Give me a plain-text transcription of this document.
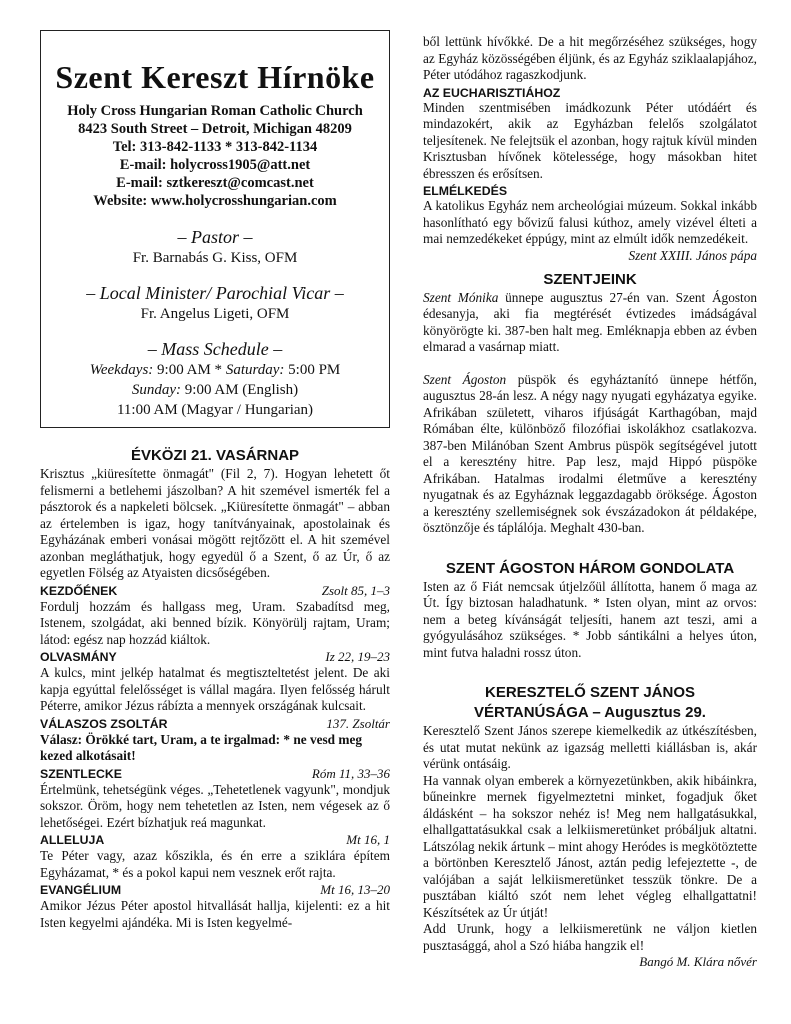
Szent Kereszt Hírnöke
Holy Cross Hungarian Roman Catholic Church
8423 South Street – Detroit, Michigan 48209
Tel: 313-842-1133 * 313-842-1134
E-mail: holycross1905@att.net
E-mail: sztkereszt@comcast.net
Website: www.holycrosshungarian.com
– Pastor –
Fr. Barnabás G. Kiss, OFM
– Local Minister/ Parochial Vicar –
Fr. Angelus Ligeti, OFM
– Mass Schedule –
Weekdays: 9:00 AM * Saturday: 5:00 PM
Sunday: 9:00 AM (English)
11:00 AM (Magyar / Hungarian)
ÉVKÖZI 21. VASÁRNAP

Krisztus „kiüresítette önmagát" (Fil 2, 7). Hogyan lehetett őt felismerni a betlehemi jászolban? A hit szemével ismerték fel a pásztorok és a napkeleti bölcsek. „Kiüresítette önmagát" – abban az értelemben is igaz, hogy tanítványainak, apostolainak és Egyházának emberi vonásai mögött rejtőzött el. A hit szemével azonban megláthatjuk, hogy egyedül ő a Szent, ő az Úr, ő az egyetlen Fölség az Atyaisten dicsőségében.

KEZDŐÉNEK	Zsolt 85, 1–3

Fordulj hozzám és hallgass meg, Uram. Szabadítsd meg, Istenem, szolgádat, aki benned bízik. Könyörülj rajtam, Uram; látod: egész nap hozzád kiáltok.

OLVASMÁNY	Iz 22, 19–23

A kulcs, mint jelkép hatalmat és megtiszteltetést jelent. De aki kapja egyúttal felelősséget is vállal magára. Ilyen felősség hárult Péterre, amikor Jézus rábízta a mennyek országának kulcsait.

VÁLASZOS ZSOLTÁR	137. Zsoltár
Válasz: Örökké tart, Uram, a te irgalmad: * ne vesd meg kezed alkotásait!
SZENTLECKE	Róm 11, 33–36

Értelmünk, tehetségünk véges. „Tehetetlenek vagyunk", mondjuk sokszor. Öröm, hogy nem tehetetlen az Isten, nem végesek az ő lehetőségei. Ezért bízhatjuk reá magunkat.

ALLELUJA	Mt 16, 1

Te Péter vagy, azaz kőszikla, és én erre a sziklára építem Egyházamat, * és a pokol kapui nem vesznek erőt rajta.

EVANGÉLIUM	Mt 16, 13–20

Amikor Jézus Péter apostol hitvallását hallja, kijelenti: ez a hit Isten kegyelmi ajándéka. Mi is Isten kegyelmé-

ből lettünk hívőkké. De a hit megőrzéséhez szükséges, hogy az Egyház közösségében éljünk, és az Egyház sziklaalapjához, Péter utódához ragaszkodjunk.

AZ EUCHARISZTIÁHOZ

Minden szentmisében imádkozunk Péter utódáért és mindazokért, akik az Egyházban felelős szolgálatot teljesítenek. Ne felejtsük el azonban, hogy rajtuk kívül minden Krisztusban hívőnek kötelessége, hogy másokban hitet ébresszen és erősítsen.

ELMÉLKEDÉS

A katolikus Egyház nem archeológiai múzeum. Sokkal inkább hasonlítható egy bővizű falusi kúthoz, amely vizével élteti a mai nemzedékeket éppúgy, mint az elmúlt idők nemzedékeit.
Szent XXIII. János pápa

SZENTJEINK

Szent Mónika ünnepe augusztus 27-én van. Szent Ágoston édesanyja, aki fia megtérését évtizedes imádságával könyörögte ki. 387-ben halt meg. Emléknapja ebben az évben elmarad a vasárnap miatt.

Szent Ágoston püspök és egyháztanító ünnepe hétfőn, augusztus 28-án lesz. A négy nagy nyugati egyházatya egyike. Afrikában született, viharos ifjúságát Karthagóban, majd Rómában élte, különböző filozófiai iskolákhoz csatlakozva. 387-ben Milánóban Szent Ambrus püspök segítségével jutott el a keresztény hitre. Pap lesz, majd Hippó püspöke Afrikában. Hatalmas irodalmi életműve a keresztény nyugatnak és az Egyháznak leggazdagabb öröksége. Ágoston a keresztény szellemiségnek sok évszázadokon át példaképe, ösztönzője és táplálója. Meghalt 430-ban.

SZENT ÁGOSTON HÁROM GONDOLATA

Isten az ő Fiát nemcsak útjelzőül állította, hanem ő maga az Út. Így biztosan haladhatunk. * Isten olyan, mint az orvos: nem a beteg kívánságát teljesíti, hanem azt teszi, ami a gyógyulásához szükséges. * Jobb sántikálni a helyes úton, mint futva haladni rossz úton.

KERESZTELŐ SZENT JÁNOS
VÉRTANÚSÁGA – Augusztus 29.

Keresztelő Szent János szerepe kiemelkedik az útkészítésben, és utat mutat nekünk az igazság melletti kiállásban is, akár vérünk ontásáig.

Ha vannak olyan emberek a környezetünkben, akik hibáinkra, bűneinkre mernek figyelmeztetni minket, fogadjuk őket áldásként – ha sokszor nehéz is! Meg nem hallgatásukkal, elhallgattatásukkal csak a lelkiismeretünket próbáljuk altatni. Látszólag nekik ártunk – mint ahogy Heródes is megkötöztette a börtönben Keresztelő Jánost, aztán pedig lefejeztette -, de valójában a saját lelkiismeretünket tesszük tönkre. De a pusztában kiáltó szót nem lehet végleg elhallgattatni! Készítsétek az Úr útját!

Add Urunk, hogy a lelkiismeretünk ne váljon kietlen pusztasággá, ahol a Szó hiába hangzik el!

Bangó M. Klára nővér
